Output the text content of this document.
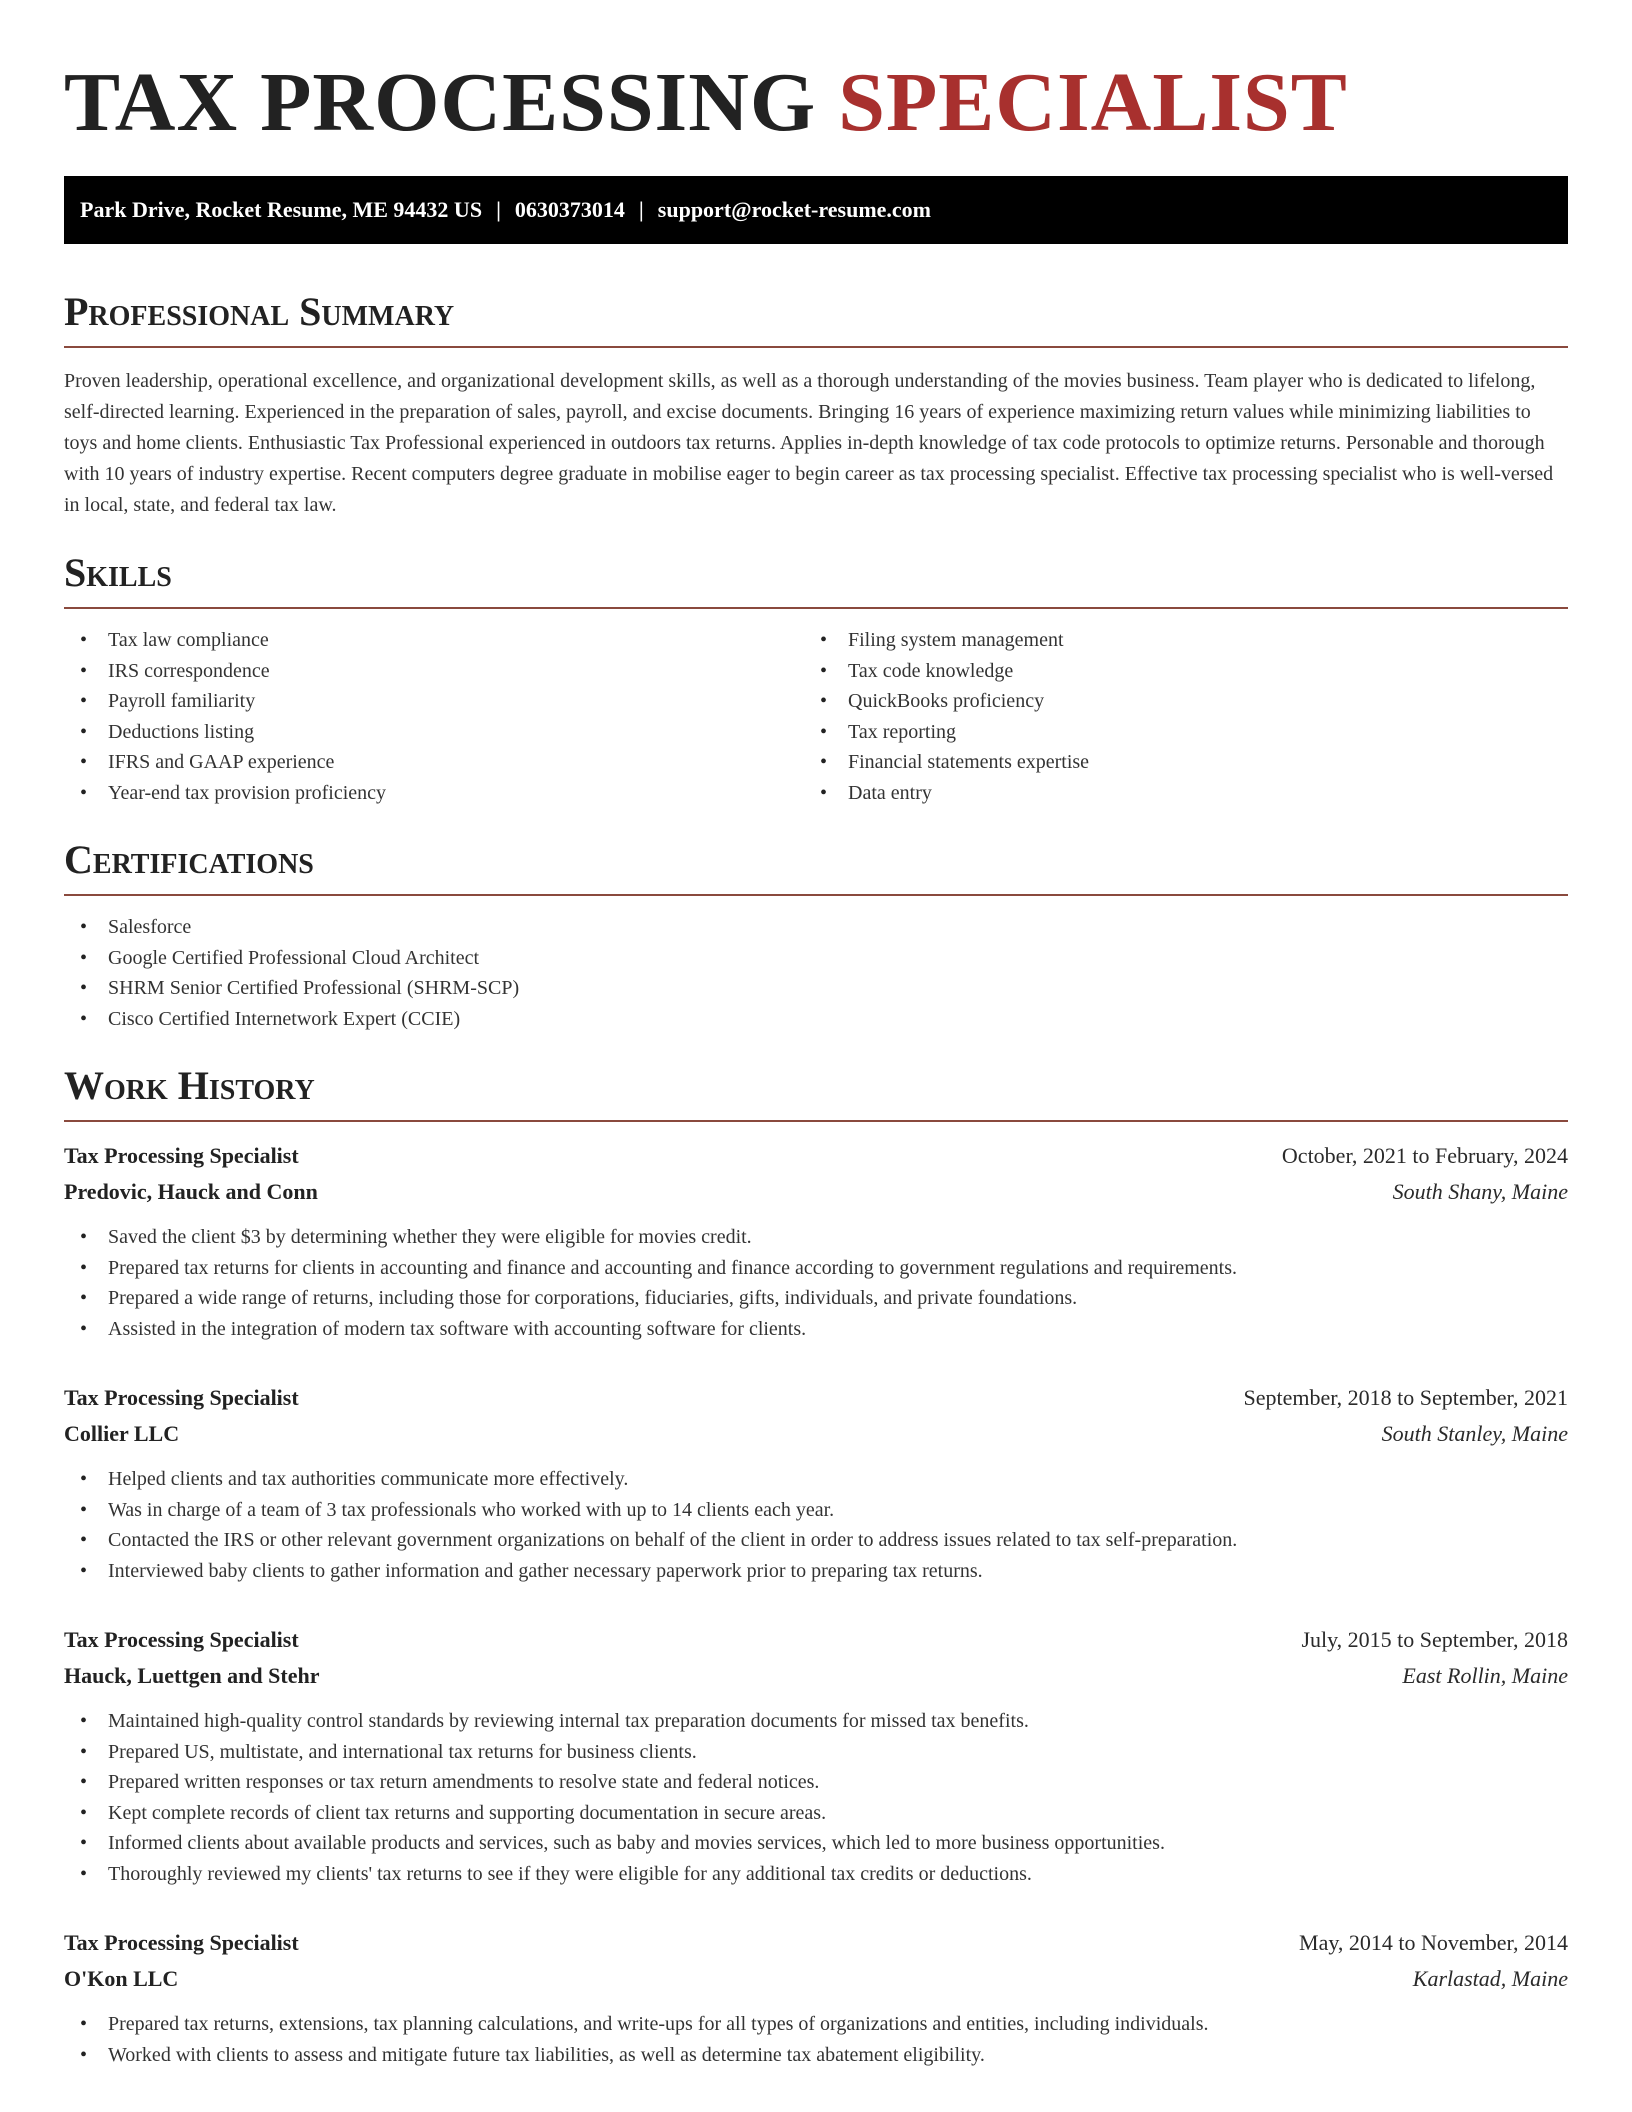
TAX PROCESSING SPECIALIST
Park Drive, Rocket Resume, ME 94432 US | 0630373014 | support@rocket-resume.com
Professional Summary

Proven leadership, operational excellence, and organizational development skills, as well as a thorough understanding of the movies business. Team player who is dedicated to lifelong, self-directed learning. Experienced in the preparation of sales, payroll, and excise documents. Bringing 16 years of experience maximizing return values while minimizing liabilities to toys and home clients. Enthusiastic Tax Professional experienced in outdoors tax returns. Applies in-depth knowledge of tax code protocols to optimize returns. Personable and thorough with 10 years of industry expertise. Recent computers degree graduate in mobilise eager to begin career as tax processing specialist. Effective tax processing specialist who is well-versed in local, state, and federal tax law.

Skills
• Tax law compliance
• IRS correspondence
• Payroll familiarity
• Deductions listing
• IFRS and GAAP experience
• Year-end tax provision proficiency
• Filing system management
• Tax code knowledge
• QuickBooks proficiency
• Tax reporting
• Financial statements expertise
• Data entry
Certifications
• Salesforce
• Google Certified Professional Cloud Architect
• SHRM Senior Certified Professional (SHRM-SCP)
• Cisco Certified Internetwork Expert (CCIE)
Work History
Tax Processing Specialist	October, 2021 to February, 2024
Predovic, Hauck and Conn	South Shany, Maine
• Saved the client $3 by determining whether they were eligible for movies credit.
• Prepared tax returns for clients in accounting and finance and accounting and finance according to government regulations and requirements.
• Prepared a wide range of returns, including those for corporations, fiduciaries, gifts, individuals, and private foundations.
• Assisted in the integration of modern tax software with accounting software for clients.
Tax Processing Specialist	September, 2018 to September, 2021
Collier LLC	South Stanley, Maine
• Helped clients and tax authorities communicate more effectively.
• Was in charge of a team of 3 tax professionals who worked with up to 14 clients each year.
• Contacted the IRS or other relevant government organizations on behalf of the client in order to address issues related to tax self-preparation.
• Interviewed baby clients to gather information and gather necessary paperwork prior to preparing tax returns.
Tax Processing Specialist	July, 2015 to September, 2018
Hauck, Luettgen and Stehr	East Rollin, Maine
• Maintained high-quality control standards by reviewing internal tax preparation documents for missed tax benefits.
• Prepared US, multistate, and international tax returns for business clients.
• Prepared written responses or tax return amendments to resolve state and federal notices.
• Kept complete records of client tax returns and supporting documentation in secure areas.
• Informed clients about available products and services, such as baby and movies services, which led to more business opportunities.
• Thoroughly reviewed my clients' tax returns to see if they were eligible for any additional tax credits or deductions.
Tax Processing Specialist	May, 2014 to November, 2014
O'Kon LLC	Karlastad, Maine
• Prepared tax returns, extensions, tax planning calculations, and write-ups for all types of organizations and entities, including individuals.
• Worked with clients to assess and mitigate future tax liabilities, as well as determine tax abatement eligibility.
